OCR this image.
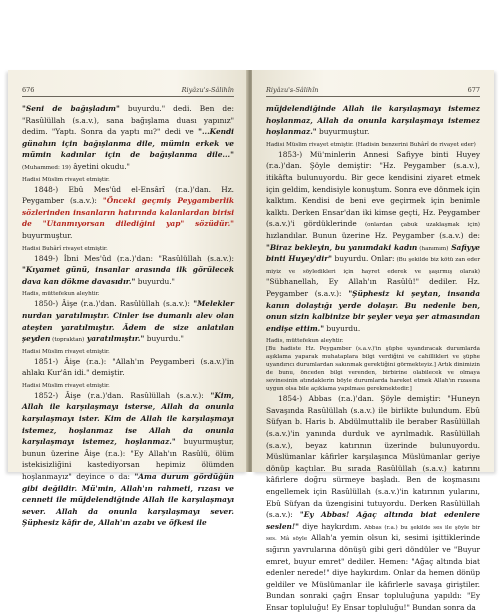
676	Riyâzu's-Sâlihîn

"Seni de bağışladım" buyurdu." dedi. Ben de: "Rasûlüllah (s.a.v.), sana bağışlama duası yapınız" dedim. "Yaptı. Sonra da yaptı mı?" dedi ve "...Kendi günahın için bağışlanma dile, mümin erkek ve mümin kadınlar için de bağışlanma dile..." (Muhammed: 19) âyetini okudu."

Hadisi Müslim rivayet etmiştir.

1848-) Ebû Mes'ûd el-Ensârî (r.a.)'dan. Hz. Peygamber (s.a.v.): "Önceki geçmiş Peygamberlik sözlerinden insanların hatırında kalanlardan birisi de "Utanmıyorsan dilediğini yap" sözüdür." buyurmuştur.

Hadisi Buhârî rivayet etmiştir.

1849-) İbni Mes'ûd (r.a.)'dan: "Rasûlüllah (s.a.v.): "Kıyamet günü, insanlar arasında ilk görülecek dava kan dökme davasıdır." buyurdu."

Hadis, müttefekun aleyhtir.

1850-) Âişe (r.a.)'dan. Rasûlüllah (s.a.v.): "Melekler nurdan yaratılmıştır. Cinler ise dumanlı alev olan ateşten yaratılmıştır. Âdem de size anlatılan şeyden (topraktan) yaratılmıştır." buyurdu."

Hadisi Müslim rivayet etmiştir.

1851-) Âişe (r.a.): "Allah'ın Peygamberi (s.a.v.)'in ahlakı Kur'ân idi." demiştir.

Hadisi Müslim rivayet etmiştir.

1852-) Âişe (r.a.)'dan. Rasûlüllah (s.a.v.): "Kim, Allah ile karşılaşmayı isterse, Allah da onunla karşılaşmayı ister. Kim de Allah ile karşılaşmayı istemez, hoşlanmaz ise Allah da onunla karşılaşmayı istemez, hoşlanmaz." buyurmuştur, bunun üzerine Âişe (r.a.): "Ey Allah'ın Rasûlü, ölüm istekisizliğini kastediyorsan hepimiz ölümden hoşlanmayız" deyince o da: "Ama durum gördüğün gibi değildir. Mü'min, Allah'ın rahmeti, rızası ve cenneti ile müjdelendiğinde Allah ile karşılaşmayı sever. Allah da onunla karşılaşmayı sever. Şüphesiz kâfir de, Allah'ın azabı ve öfkesi ile

Riyâzu's-Sâlihîn	677

müjdelendiğinde Allah ile karşılaşmayı istemez hoşlanmaz, Allah da onunla karşılaşmayı istemez hoşlanmaz." buyurmuştur.

Hadisi Müslim rivayet etmiştir. (Hadisin benzerini Buhârî de rivayet eder)

1853-) Mü'minlerin Annesi Safiyye binti Huyey (r.a.)'dan. Şöyle demiştir: "Hz. Peygamber (s.a.v.), itikâfta bulunuyordu. Bir gece kendisini ziyaret etmek için geldim, kendisiyle konuştum. Sonra eve dönmek için kalktım. Kendisi de beni eve geçirmek için benimle kalktı. Derken Ensar'dan iki kimse geçti, Hz. Peygamber (s.a.v.)'i gördüklerinde (onlardan çabuk uzaklaşmak için) hızlandılar. Bunun üzerine Hz. Peygamber (s.a.v.) de: "Biraz bekleyin, bu yanımdaki kadın (hanımım) Safiyye binti Huyey'dir" buyurdu. Onlar: (Bu şekilde biz kötü zan eder miyiz ve söyledikleri için hayret ederek ve şaşırmış olarak) "Sübhanellah, Ey Allah'ın Rasûlü!" dediler. Hz. Peygamber (s.a.v.): "Şüphesiz ki şeytan, insanda kanın dolaştığı yerde dolaşır. Bu nedenle ben, onun sizin kalbinize bir şeyler veya şer atmasından endişe ettim." buyurdu.

Hadis, müttefekun aleyhtir.
[Bu hadiste Hz. Peygamber (s.a.v.)'in şüphe uyandıracak durumlarda aşıklama yaparak muhataplara bilgi verdiğini ve cahillikleri ve şüphe uyandırıcı durumlardan sakınmak gerektiğini görmekteyiz.] Artık dinimizin de bunu, önceden bilgi verenden, birbirine olabilecek ve olmaya sevinesinin atındaklerin böyle durumlarda hareket etmek Allah'ın rızasına uygun olsa bile açıklama yapılması gerekmektedir.]

1854-) Abbas (r.a.)'dan. Şöyle demiştir: "Huneyn Savaşında Rasûlüllah (s.a.v.) ile birlikte bulundum. Ebû Süfyan b. Haris b. Abdülmuttalib ile beraber Rasûlüllah (s.a.v.)'in yanında durduk ve ayrılmadık. Rasûlüllah (s.a.v.), beyaz katırının üzerinde bulunuyordu. Müslümanlar kâfirler karşılaşınca Müslümanlar geriye dönüp kaçtılar. Bu sırada Rasûlüllah (s.a.v.) katırını kâfirlere doğru sürmeye başladı. Ben de koşmasını engellemek için Rasûlüllah (s.a.v.)'in katırının yularını, Ebû Süfyan da üzengisini tutuyordu. Derken Rasûlüllah (s.a.v.): "Ey Abbas! Ağaç altında biat edenlere seslen!" diye haykırdım. Abbas (r.a.) bu şekilde ses ile şöyle bir ses. Mâ söyle Allah'a yemin olsun ki, sesimi işittiklerinde sığırın yavrularına dönüşü gibi geri döndüler ve "Buyur emret, buyur emret" dediler. Hemen: "Ağaç altında biat edenler nerede!" diye haykırdım. Onlar da hemen dönüp geldiler ve Müslümanlar ile kâfirlerle savaşa giriştiler. Bundan sonraki çağrı Ensar topluluğuna yapıldı: "Ey Ensar topluluğu! Ey Ensar topluluğu!" Bundan sonra da
